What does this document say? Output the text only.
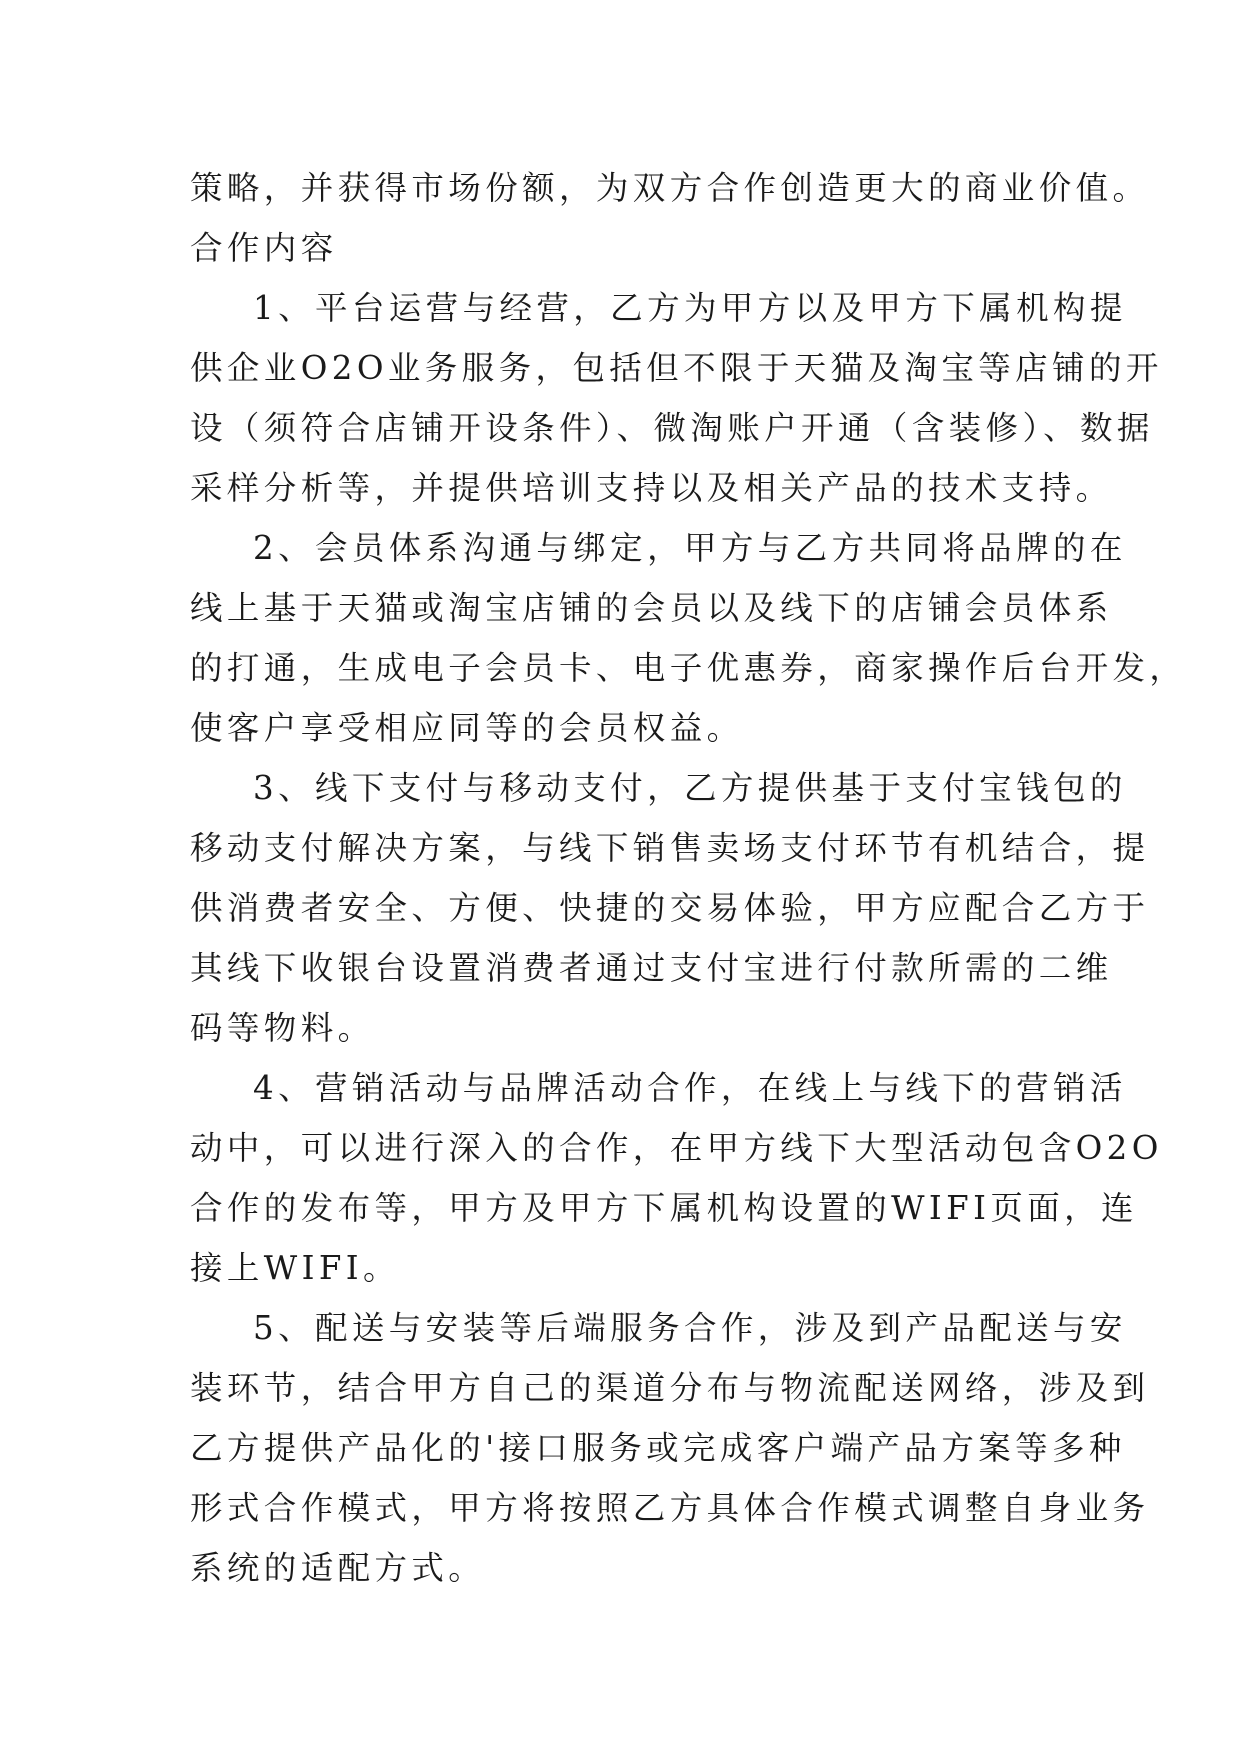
策略，并获得市场份额，为双方合作创造更大的商业价值。
合作内容
1、平台运营与经营，乙方为甲方以及甲方下属机构提
供企业O2O业务服务，包括但不限于天猫及淘宝等店铺的开
设（须符合店铺开设条件）、微淘账户开通（含装修）、数据
采样分析等，并提供培训支持以及相关产品的技术支持。
2、会员体系沟通与绑定，甲方与乙方共同将品牌的在
线上基于天猫或淘宝店铺的会员以及线下的店铺会员体系
的打通，生成电子会员卡、电子优惠券，商家操作后台开发，
使客户享受相应同等的会员权益。
3、线下支付与移动支付，乙方提供基于支付宝钱包的
移动支付解决方案，与线下销售卖场支付环节有机结合，提
供消费者安全、方便、快捷的交易体验，甲方应配合乙方于
其线下收银台设置消费者通过支付宝进行付款所需的二维
码等物料。
4、营销活动与品牌活动合作，在线上与线下的营销活
动中，可以进行深入的合作，在甲方线下大型活动包含O2O
合作的发布等，甲方及甲方下属机构设置的WIFI页面，连
接上WIFI。
5、配送与安装等后端服务合作，涉及到产品配送与安
装环节，结合甲方自己的渠道分布与物流配送网络，涉及到
乙方提供产品化的'接口服务或完成客户端产品方案等多种
形式合作模式，甲方将按照乙方具体合作模式调整自身业务
系统的适配方式。
